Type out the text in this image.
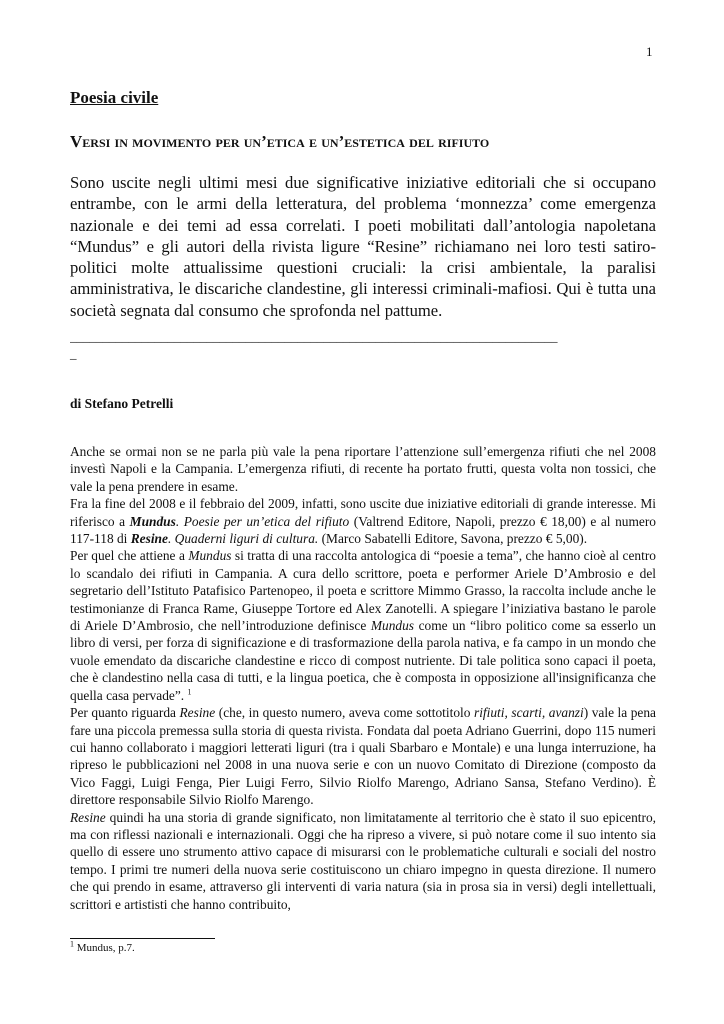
1
Poesia civile
Versi in movimento per un’etica e un’estetica del rifiuto
Sono uscite negli ultimi mesi due significative iniziative editoriali che si occupano entrambe, con le armi della letteratura, del problema ‘monnezza’ come emergenza nazionale e dei temi ad essa correlati. I poeti mobilitati dall’antologia napoletana “Mundus” e gli autori della rivista ligure “Resine” richiamano nei loro testi satiro-politici molte attualissime questioni cruciali: la crisi ambientale, la paralisi amministrativa, le discariche clandestine, gli interessi criminali-mafiosi. Qui è tutta una società segnata dal consumo che sprofonda nel pattume.
___________________________________________________________________________
_
di Stefano Petrelli

Anche se ormai non se ne parla più vale la pena riportare l’attenzione sull’emergenza rifiuti che nel 2008 investì Napoli e la Campania. L’emergenza rifiuti, di recente ha portato frutti, questa volta non tossici, che vale la pena prendere in esame.

Fra la fine del 2008 e il febbraio del 2009, infatti, sono uscite due iniziative editoriali di grande interesse. Mi riferisco a Mundus. Poesie per un’etica del rifiuto (Valtrend Editore, Napoli, prezzo € 18,00) e al numero 117-118 di Resine. Quaderni liguri di cultura. (Marco Sabatelli Editore, Savona, prezzo € 5,00).

Per quel che attiene a Mundus si tratta di una raccolta antologica di “poesie a tema”, che hanno cioè al centro lo scandalo dei rifiuti in Campania. A cura dello scrittore, poeta e performer Ariele D’Ambrosio e del segretario dell’Istituto Patafisico Partenopeo, il poeta e scrittore Mimmo Grasso, la raccolta include anche le testimonianze di Franca Rame, Giuseppe Tortore ed Alex Zanotelli. A spiegare l’iniziativa bastano le parole di Ariele D’Ambrosio, che nell’introduzione definisce Mundus come un “libro politico come sa esserlo un libro di versi, per forza di significazione e di trasformazione della parola nativa, e fa campo in un mondo che vuole emendato da discariche clandestine e ricco di compost nutriente. Di tale politica sono capaci il poeta, che è clandestino nella casa di tutti, e la lingua poetica, che è composta in opposizione all'insignificanza che quella casa pervade”. $^1$

Per quanto riguarda Resine (che, in questo numero, aveva come sottotitolo rifiuti, scarti, avanzi) vale la pena fare una piccola premessa sulla storia di questa rivista. Fondata dal poeta Adriano Guerrini, dopo 115 numeri cui hanno collaborato i maggiori letterati liguri (tra i quali Sbarbaro e Montale) e una lunga interruzione, ha ripreso le pubblicazioni nel 2008 in una nuova serie e con un nuovo Comitato di Direzione (composto da Vico Faggi, Luigi Fenga, Pier Luigi Ferro, Silvio Riolfo Marengo, Adriano Sansa, Stefano Verdino). È direttore responsabile Silvio Riolfo Marengo.

Resine quindi ha una storia di grande significato, non limitatamente al territorio che è stato il suo epicentro, ma con riflessi nazionali e internazionali. Oggi che ha ripreso a vivere, si può notare come il suo intento sia quello di essere uno strumento attivo capace di misurarsi con le problematiche culturali e sociali del nostro tempo. I primi tre numeri della nuova serie costituiscono un chiaro impegno in questa direzione. Il numero che qui prendo in esame, attraverso gli interventi di varia natura (sia in prosa sia in versi) degli intellettuali, scrittori e artististi che hanno contribuito,

$^1$ Mundus, p.7.
